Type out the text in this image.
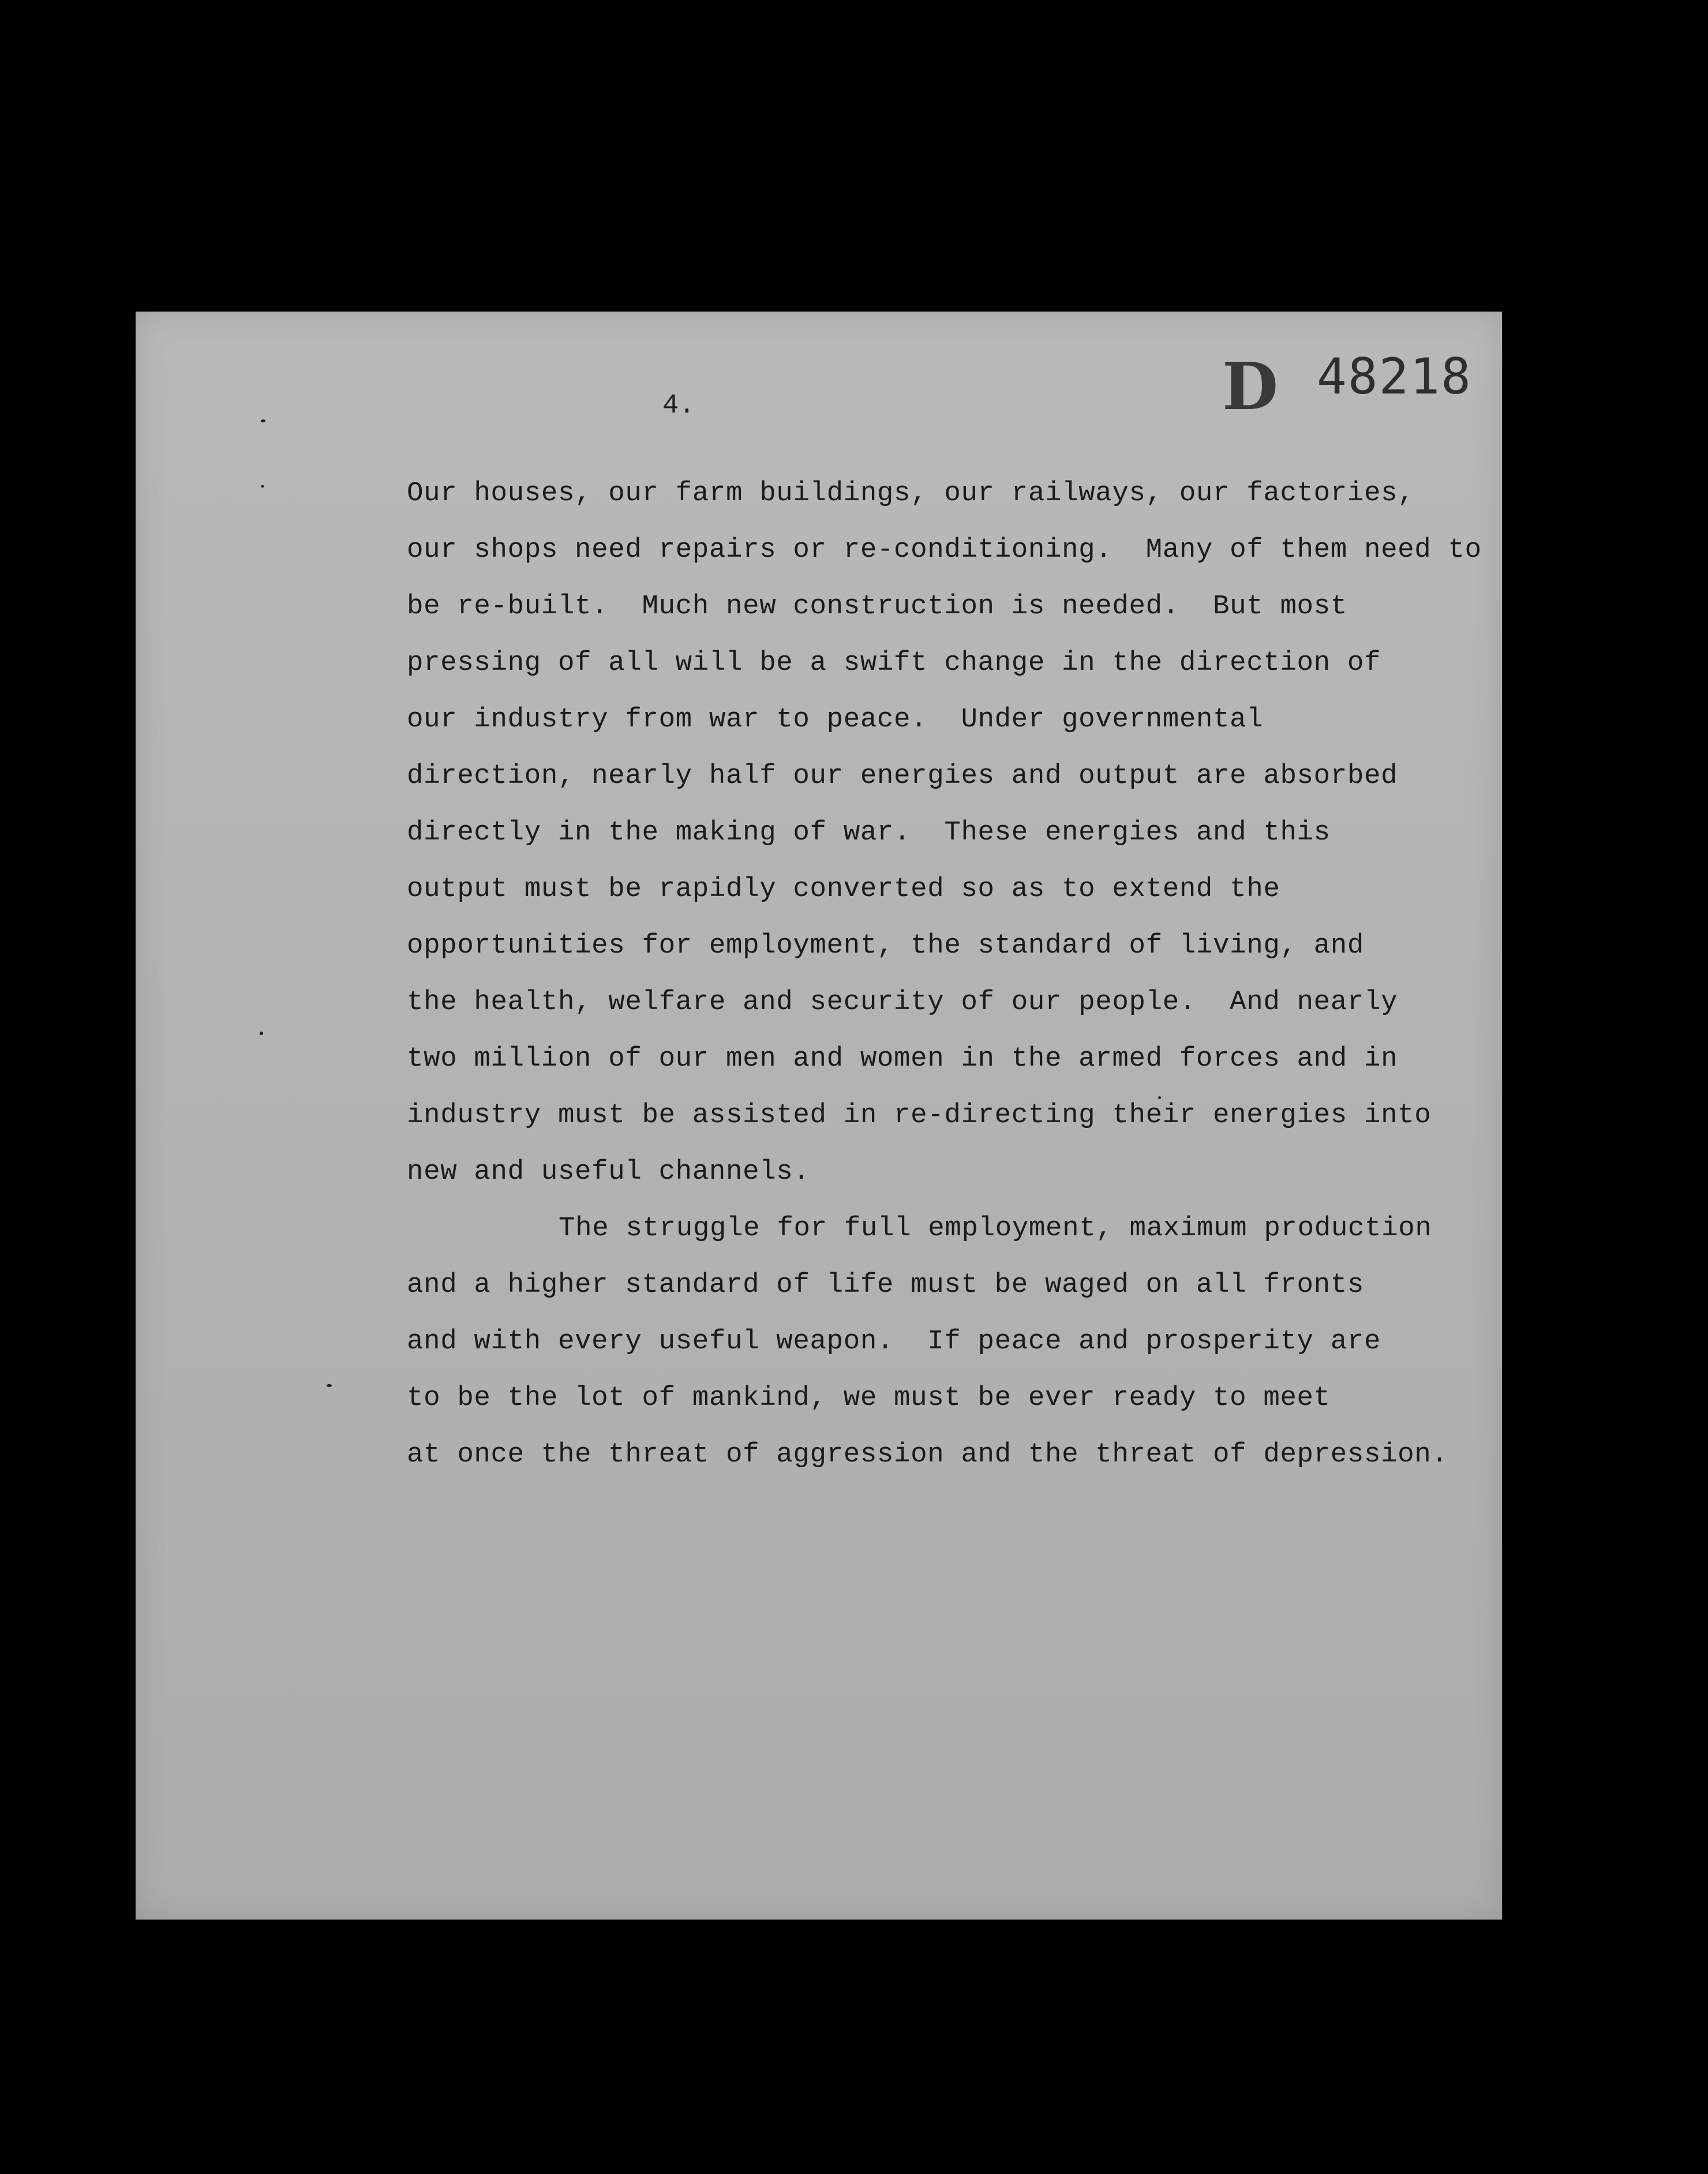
D 48218
4.
Our houses, our farm buildings, our railways, our factories,
our shops need repairs or re-conditioning.  Many of them need to
be re-built.  Much new construction is needed.  But most
pressing of all will be a swift change in the direction of
our industry from war to peace.  Under governmental
direction, nearly half our energies and output are absorbed
directly in the making of war.  These energies and this
output must be rapidly converted so as to extend the
opportunities for employment, the standard of living, and
the health, welfare and security of our people.  And nearly
two million of our men and women in the armed forces and in
industry must be assisted in re-directing their energies into
new and useful channels.
The struggle for full employment, maximum production
and a higher standard of life must be waged on all fronts
and with every useful weapon.  If peace and prosperity are
to be the lot of mankind, we must be ever ready to meet
at once the threat of aggression and the threat of depression.
